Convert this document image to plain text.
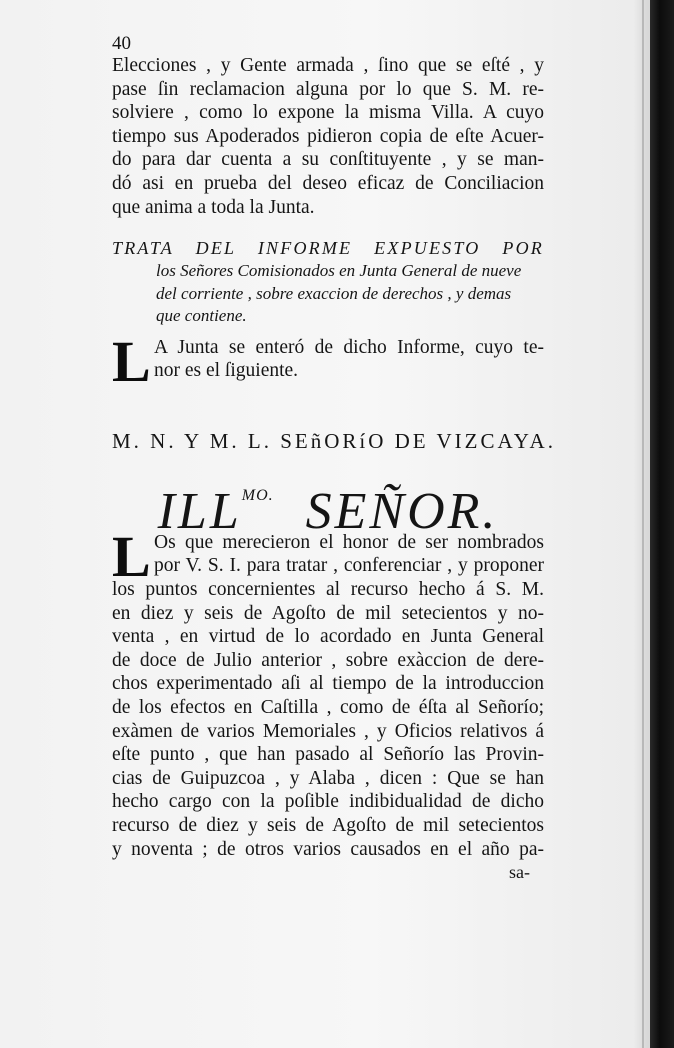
40
Elecciones , y Gente armada , ſino que se eſté , y
pase ſin reclamacion alguna por lo que S. M. re-
solviere , como lo expone la misma Villa. A cuyo
tiempo sus Apoderados pidieron copia de eſte Acuer-
do para dar cuenta a su conſtituyente , y se man-
dó asi en prueba del deseo eficaz de Conciliacion
que anima a toda la Junta.
TRATA DEL INFORME EXPUESTO POR
los Señores Comisionados en Junta General de nueve
del corriente , sobre exaccion de derechos , y demas
que contiene.
L A Junta se enteró de dicho Informe, cuyo te-
nor es el ſiguiente.
M. N. Y M. L. SEñORíO DE VIZCAYA.
$ILL^{MO.}$ SEÑOR.
L Os que merecieron el honor de ser nombrados
por V. S. I. para tratar , conferenciar , y proponer
los puntos concernientes al recurso hecho á S. M.
en diez y seis de Agoſto de mil setecientos y no-
venta , en virtud de lo acordado en Junta General
de doce de Julio anterior , sobre exàccion de dere-
chos experimentado aſi al tiempo de la introduccion
de los efectos en Caſtilla , como de éſta al Señorío;
exàmen de varios Memoriales , y Oficios relativos á
eſte punto , que han pasado al Señorío las Provin-
cias de Guipuzcoa , y Alaba , dicen : Que se han
hecho cargo con la poſible indibidualidad de dicho
recurso de diez y seis de Agoſto de mil setecientos
y noventa ; de otros varios causados en el año pa-
sa-
